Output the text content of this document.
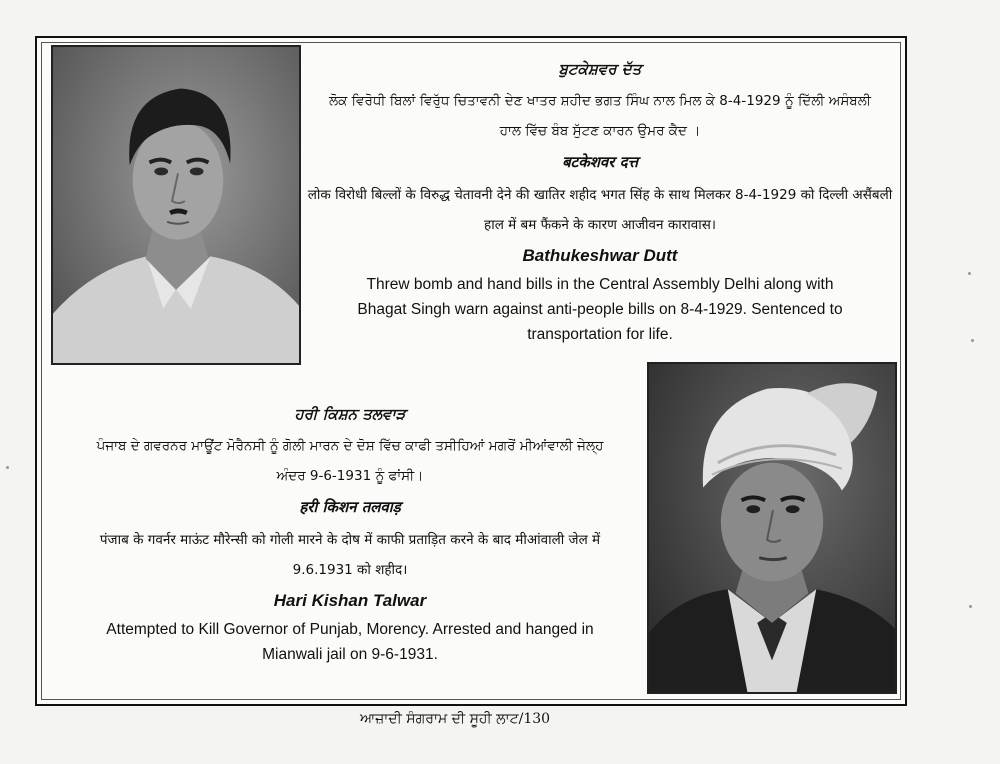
ਬੁਟਕੇਸ਼ਵਰ ਦੱਤ

ਲੋਕ ਵਿਰੋਧੀ ਬਿਲਾਂ ਵਿਰੁੱਧ ਚਿਤਾਵਨੀ ਦੇਣ ਖਾਤਰ ਸ਼ਹੀਦ ਭਗਤ ਸਿੰਘ ਨਾਲ ਮਿਲ ਕੇ 8-4-1929 ਨੂੰ ਦਿੱਲੀ ਅਸੰਬਲੀ ਹਾਲ ਵਿੱਚ ਬੰਬ ਸੁੱਟਣ ਕਾਰਨ ਉਮਰ ਕੈਦ ।

बटकेशवर दत्त

लोक विरोधी बिल्लों के विरुद्ध चेतावनी देने की खातिर शहीद भगत सिंह के साथ मिलकर 8-4-1929 को दिल्ली असैंबली हाल में बम फैंकने के कारण आजीवन कारावास।

Bathukeshwar Dutt

Threw bomb and hand bills in the Central Assembly Delhi along with Bhagat Singh warn against anti-people bills on 8-4-1929. Sentenced to transportation for life.

ਹਰੀ ਕਿਸ਼ਨ ਤਲਵਾੜ

ਪੰਜਾਬ ਦੇ ਗਵਰਨਰ ਮਾਊਂਟ ਮੋਰੈਨਸੀ ਨੂੰ ਗੋਲੀ ਮਾਰਨ ਦੇ ਦੋਸ਼ ਵਿੱਚ ਕਾਫੀ ਤਸੀਹਿਆਂ ਮਗਰੋਂ ਮੀਆਂਵਾਲੀ ਜੇਲ੍ਹ ਅੰਦਰ 9-6-1931 ਨੂੰ ਫਾਂਸੀ।

हरी किशन तलवाड़

पंजाब के गवर्नर माऊंट मौरेन्सी को गोली मारने के दोष में काफी प्रताड़ित करने के बाद मीआंवाली जेल में 9.6.1931 को शहीद।

Hari Kishan Talwar

Attempted to Kill Governor of Punjab, Morency. Arrested and hanged in Mianwali jail on 9-6-1931.

ਆਜ਼ਾਦੀ ਸੰਗਰਾਮ ਦੀ ਸੂਹੀ ਲਾਟ/130
